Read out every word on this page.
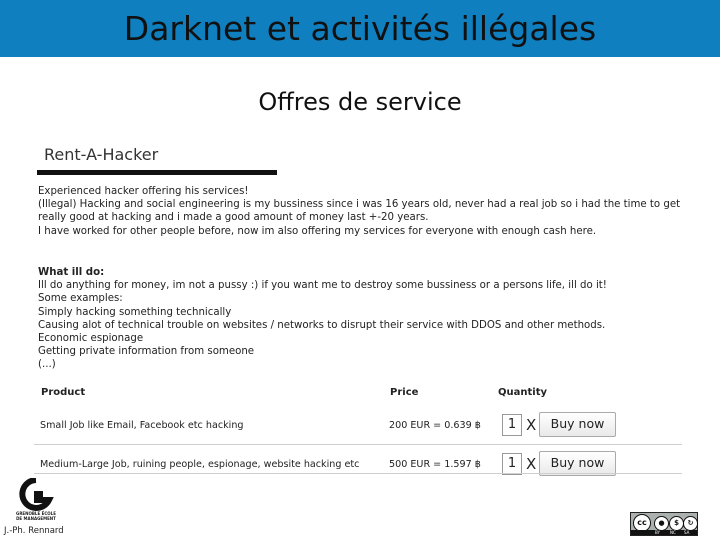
Darknet et activités illégales
Offres de service
Rent-A-Hacker
Experienced hacker offering his services!
(Illegal) Hacking and social engineering is my bussiness since i was 16 years old, never had a real job so i had the time to get
really good at hacking and i made a good amount of money last +-20 years.
I have worked for other people before, now im also offering my services for everyone with enough cash here.
What ill do:
Ill do anything for money, im not a pussy :) if you want me to destroy some bussiness or a persons life, ill do it!
Some examples:
Simply hacking something technically
Causing alot of technical trouble on websites / networks to disrupt their service with DDOS and other methods.
Economic espionage
Getting private information from someone
(...)
Product	Price	Quantity
Small Job like Email, Facebook etc hacking	200 EUR = 0.639 ฿	1 X	Buy now
Medium-Large Job, ruining people, espionage, website hacking etc	500 EUR = 1.597 ฿	1 X	Buy now
GRENOBLE ÉCOLE DE MANAGEMENT
J.-Ph. Rennard
cc	●	$	↻
BY	NC SA
